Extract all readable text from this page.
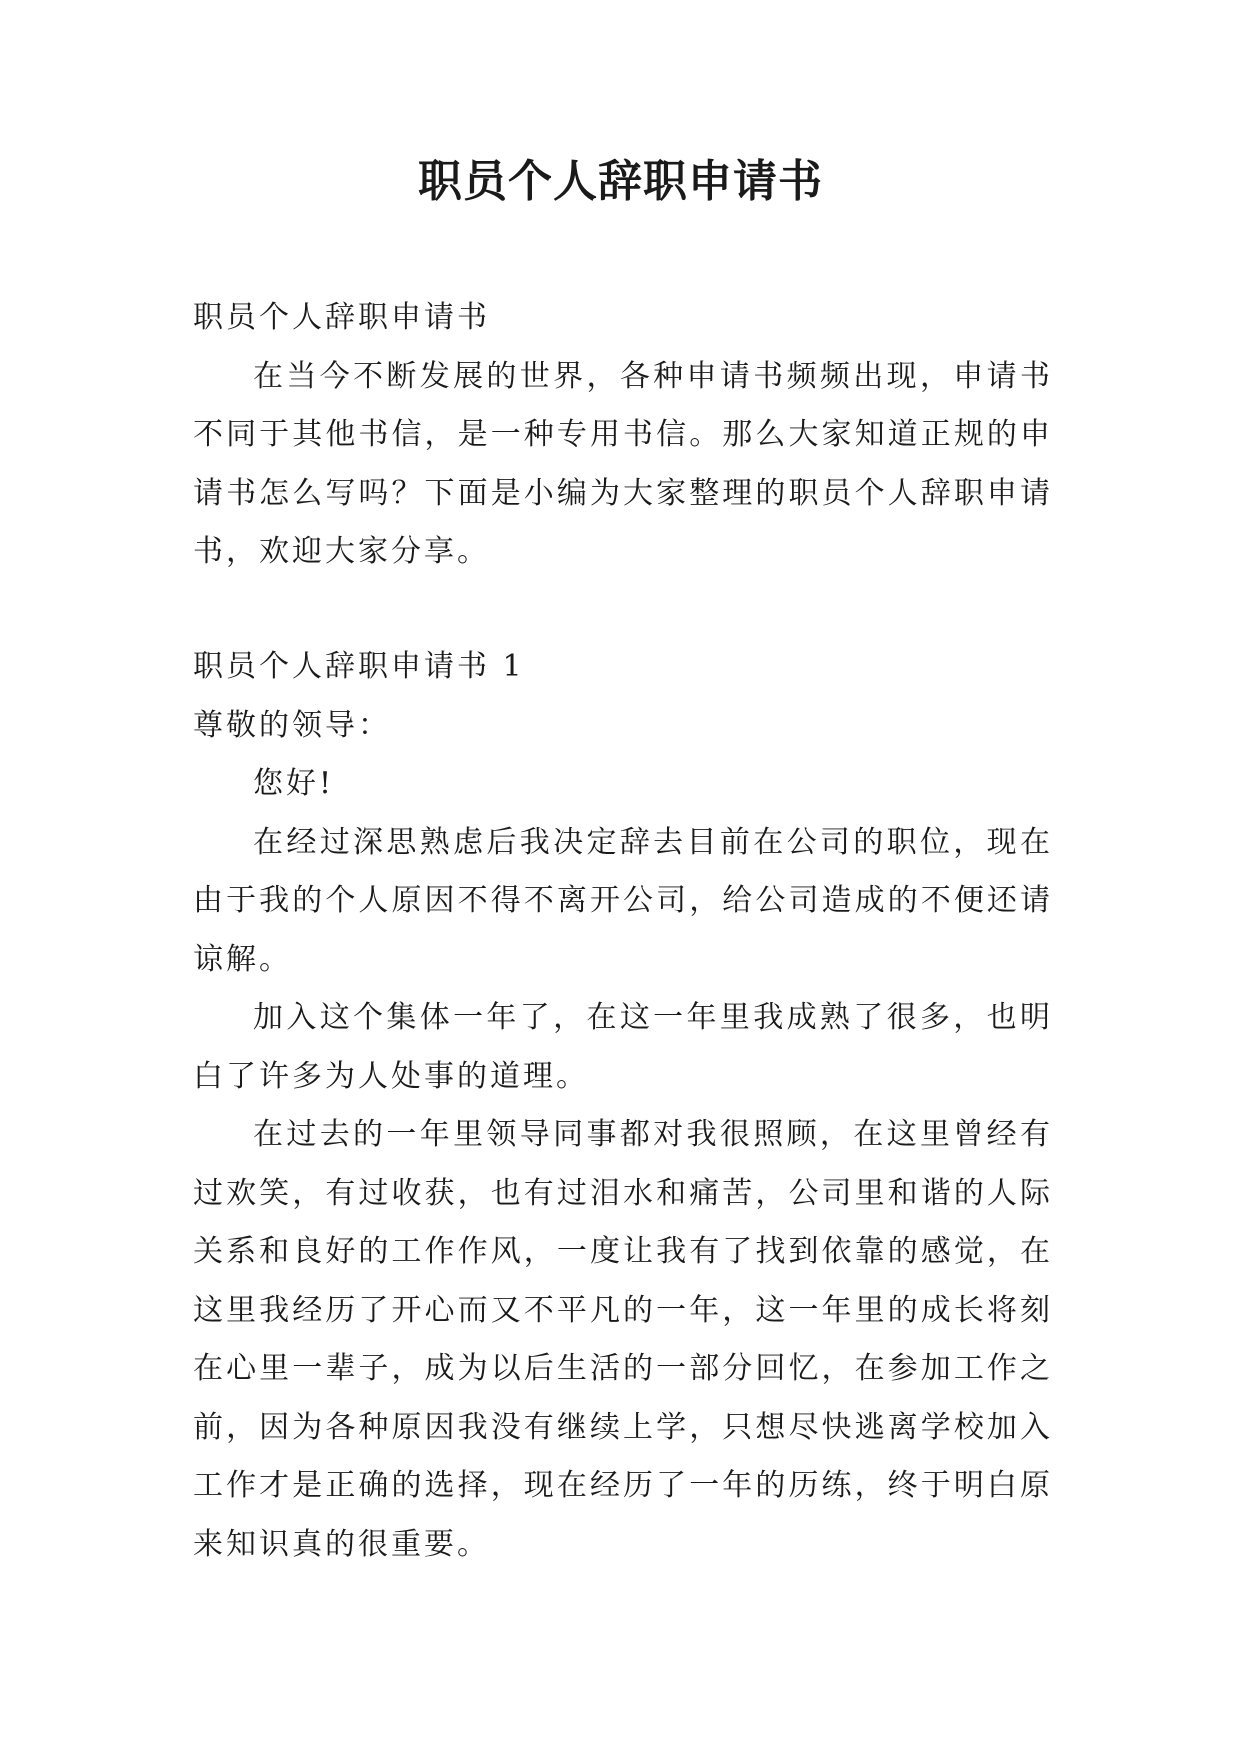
职员个人辞职申请书

职员个人辞职申请书

在当今不断发展的世界，各种申请书频频出现，申请书不同于其他书信，是一种专用书信。那么大家知道正规的申请书怎么写吗？下面是小编为大家整理的职员个人辞职申请书，欢迎大家分享。

职员个人辞职申请书 1

尊敬的领导：

您好!

在经过深思熟虑后我决定辞去目前在公司的职位，现在由于我的个人原因不得不离开公司，给公司造成的不便还请谅解。

加入这个集体一年了，在这一年里我成熟了很多，也明白了许多为人处事的道理。

在过去的一年里领导同事都对我很照顾，在这里曾经有过欢笑，有过收获，也有过泪水和痛苦，公司里和谐的人际关系和良好的工作作风，一度让我有了找到依靠的感觉，在这里我经历了开心而又不平凡的一年，这一年里的成长将刻在心里一辈子，成为以后生活的一部分回忆，在参加工作之前，因为各种原因我没有继续上学，只想尽快逃离学校加入工作才是正确的选择，现在经历了一年的历练，终于明白原来知识真的很重要。
